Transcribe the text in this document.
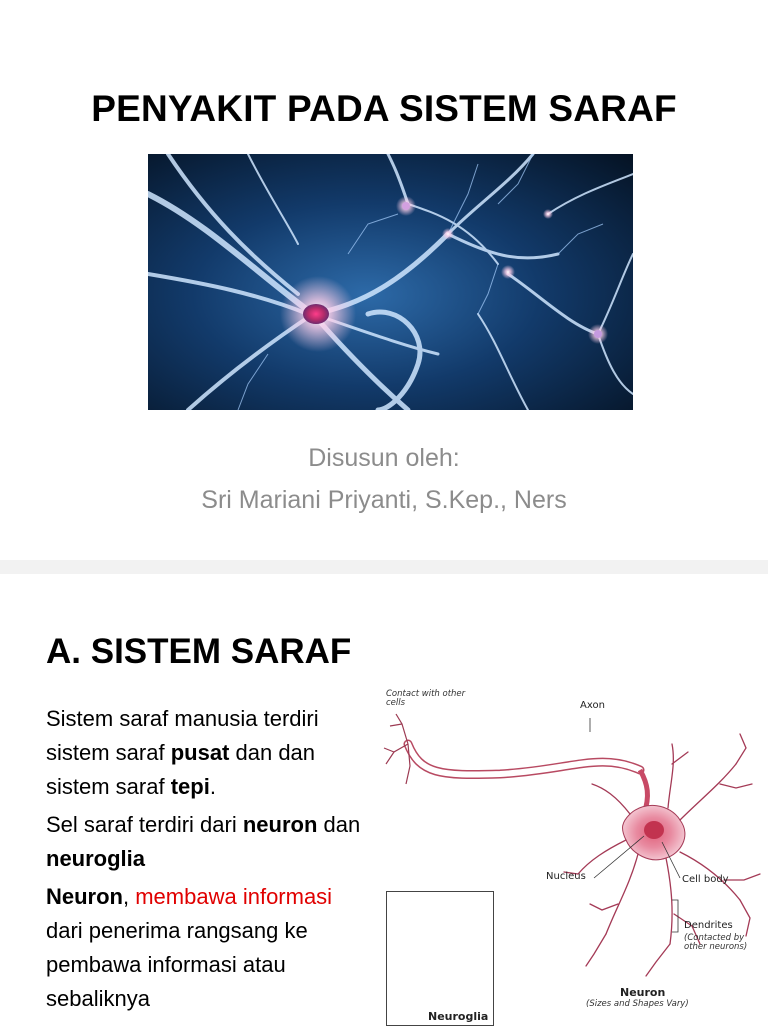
PENYAKIT PADA SISTEM SARAF
Disusun oleh:
Sri Mariani Priyanti, S.Kep., Ners
A. SISTEM SARAF

Sistem saraf manusia terdiri sistem saraf pusat dan dan sistem saraf tepi.

Sel saraf terdiri dari neuron dan neuroglia

Neuron, membawa informasi dari penerima rangsang ke pembawa informasi atau sebaliknya

Contact with other cells	Axon
Nucleus	Cell body
Dendrites
(Contacted by other neurons)
Neuron
(Sizes and Shapes Vary)
Neuroglia
